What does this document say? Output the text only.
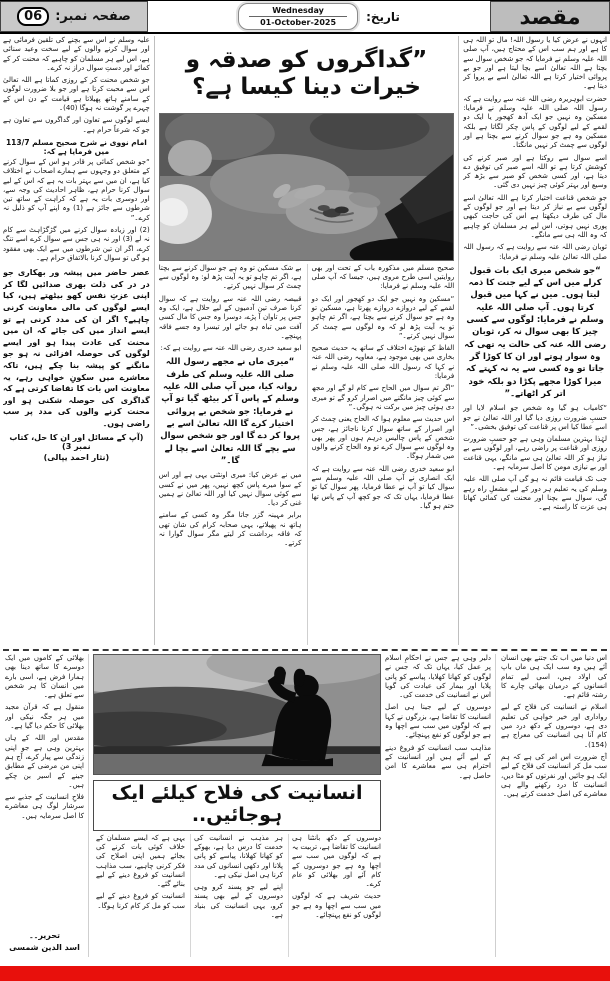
مقصد
تاریخ:
Wednesday
01-October-2025
صفحہ نمبر:
06

انہوں نے عرض کیا یا رسول اللہ! مال تو اللہ ہی کا ہے اور ہم سب اس کے محتاج ہیں، آپ صلی اللہ علیہ وسلم نے فرمایا کہ جو شخص سوال سے بچتا ہے اللہ تعالیٰ اسے بچا لیتا ہے اور جو بے پروائی اختیار کرتا ہے اللہ تعالیٰ اسے بے پروا کر دیتا ہے۔

حضرت ابوہریرہ رضی اللہ عنہ سے روایت ہے کہ رسول اللہ صلی اللہ علیہ وسلم نے فرمایا: مسکین وہ نہیں جو ایک آدھ کھجور یا ایک دو لقمے کے لیے لوگوں کے پاس چکر لگاتا ہے بلکہ مسکین وہ ہے جو سوال کرنے سے بچتا ہے اور لوگوں سے چمٹ کر نہیں مانگتا۔

اسے سوال سے روکتا ہے اور صبر کرنے کی کوشش کرتا ہے تو اللہ اسے صبر کی توفیق دے دیتا ہے، اور کسی شخص کو صبر سے بڑھ کر وسیع اور بہتر کوئی چیز نہیں دی گئی۔

جو شخص قناعت اختیار کرتا ہے اللہ تعالیٰ اسے لوگوں سے بے نیاز کر دیتا ہے اور جو لوگوں کے مال کی طرف دیکھتا ہے اس کی حاجت کبھی پوری نہیں ہوتی، اس لیے ہر مسلمان کو چاہیے کہ وہ اللہ ہی سے مانگے۔

ثوبان رضی اللہ عنہ سے روایت ہے کہ رسول اللہ صلی اللہ تعالیٰ علیہ وسلم نے فرمایا:

“جو شخص میری ایک بات قبول کرلے میں اس کے لیے جنت کا ذمہ لیتا ہوں۔ میں نے کہا میں قبول کرتا ہوں۔ آپ صلی اللہ علیہ وسلم نے فرمایا: لوگوں سے کسی چیز کا بھی سوال نہ کر، ثوبان رضی اللہ عنہ کی حالت یہ تھی کہ وہ سوار ہوتے اور ان کا کوڑا گر جاتا تو وہ کسی سے یہ نہ کہتے کہ میرا کوڑا مجھے پکڑا دو بلکہ خود اتر کر اٹھاتے۔”

“کامیاب ہو گیا وہ شخص جو اسلام لایا اور حسبِ ضرورت روزی دیا گیا اور اللہ تعالیٰ نے جو اسے عطا کیا اس پر قناعت کی توفیق بخشی۔”

لہٰذا بہترین مسلمان وہی ہے جو حسبِ ضرورت روزی اور قناعت پر راضی رہے، اور لوگوں سے بے نیاز ہو کر اللہ تعالیٰ ہی سے مانگے، یہی قناعت اور بے نیازی مومن کا اصل سرمایہ ہے۔

جب تک قیامت قائم نہ ہو گی آپ صلی اللہ علیہ وسلم کی یہ تعلیم ہر دور کے لیے مشعلِ راہ رہے گی، سوال سے بچنا اور محنت کی کمائی کھانا ہی عزت کا راستہ ہے۔

”گداگروں کو صدقہ و خیرات دینا کیسا ہے؟

صحیح مسلم میں مذکورہ باب کے تحت اور بھی روایتیں اسی طرح مروی ہیں، جیسا کہ آپ صلی اللہ علیہ وسلم نے فرمایا:

“مسکین وہ نہیں جو ایک دو کھجور اور ایک دو لقمے کے لیے دروازے دروازے پھرتا ہے، مسکین تو وہ ہے جو سوال کرنے سے بچتا ہے، اگر تم چاہو تو یہ آیت پڑھ لو کہ وہ لوگوں سے چمٹ کر سوال نہیں کرتے۔”

الفاظ کے تھوڑے اختلاف کے ساتھ یہ حدیث صحیح بخاری میں بھی موجود ہے، معاویہ رضی اللہ عنہ نے کہا کہ رسول اللہ صلی اللہ علیہ وسلم نے فرمایا:

“اگر تم سوال میں الحاح سے کام لو گے اور مجھ سے کوئی چیز مانگنے میں اصرار کرو گے تو میری دی ہوئی چیز میں برکت نہ ہوگی۔”

اس حدیث سے معلوم ہوا کہ الحاح یعنی چمٹ کر اور اصرار کے ساتھ سوال کرنا ناجائز ہے، جس شخص کے پاس چالیس درہم ہوں اور پھر بھی وہ لوگوں سے سوال کرے تو وہ الحاح کرنے والوں میں شمار ہوگا۔

ابو سعید خدری رضی اللہ عنہ سے روایت ہے کہ ایک انصاری نے آپ صلی اللہ علیہ وسلم سے سوال کیا تو آپ نے عطا فرمایا، پھر سوال کیا تو عطا فرمایا، یہاں تک کہ جو کچھ آپ کے پاس تھا ختم ہو گیا۔

بے شک مسکین تو وہ ہے جو سوال کرنے سے بچتا ہے، اگر تم چاہو تو یہ آیت پڑھ لو: وہ لوگوں سے چمٹ کر سوال نہیں کرتے۔

قبیصہ رضی اللہ عنہ سے روایت ہے کہ سوال کرنا صرف تین آدمیوں کے لیے حلال ہے، ایک وہ جس پر تاوان آ پڑے، دوسرا وہ جس کا مال کسی آفت میں تباہ ہو جائے اور تیسرا وہ جسے فاقہ پہنچے۔

ابو سعید خدری رضی اللہ عنہ سے روایت ہے کہ:

“میری ماں نے مجھے رسول اللہ صلی اللہ علیہ وسلم کی طرف روانہ کیا، میں آپ صلی اللہ علیہ وسلم کے پاس آ کر بیٹھ گیا تو آپ نے فرمایا: جو شخص بے پروائی اختیار کرے گا اللہ تعالیٰ اسے بے پروا کر دے گا اور جو شخص سوال سے بچے گا اللہ تعالیٰ اسے بچا لے گا۔”

میں نے عرض کیا: میری اونٹنی یہی ہے اور اس کے سوا میرے پاس کچھ نہیں، پھر میں نے کسی سے کوئی سوال نہیں کیا اور اللہ تعالیٰ نے ہمیں غنی کر دیا۔

برابر مہینہ گزر جاتا مگر وہ کسی کے سامنے ہاتھ نہ پھیلاتے، یہی صحابہ کرام کی شان تھی کہ فاقہ برداشت کر لیتے مگر سوال گوارا نہ کرتے۔

علیہ وسلم نے اس سے بچنے کی تلقین فرمائی ہے اور سوال کرنے والوں کے لیے سخت وعید سنائی ہے، اس لیے ہر مسلمان کو چاہیے کہ محنت کر کے کمائے اور دستِ سوال دراز نہ کرے۔

جو شخص محنت کر کے روزی کماتا ہے اللہ تعالیٰ اس سے محبت کرتا ہے اور جو بلا ضرورت لوگوں کے سامنے ہاتھ پھیلاتا ہے قیامت کے دن اس کے چہرے پر گوشت نہ ہوگا (40)۔

ایسے لوگوں سے تعاون اور گداگروں سے تعاون ہے جو کہ شرعاً حرام ہے۔

امام نووی نے شرح صحیح مسلم 113/7 میں فرمایا ہے کہ:

“جو شخص کمائی پر قادر ہو اس کے سوال کرنے کے متعلق دو وجہوں سے ہمارے اصحاب نے اختلاف کیا ہے، ان میں سے بہتر بات یہ ہے کہ اس کے لیے سوال کرنا حرام ہے، ظاہر احادیث کی وجہ سے، اور دوسری بات یہ ہے کہ کراہت کے ساتھ تین شرطوں سے جائز ہے (1) وہ اپنے آپ کو ذلیل نہ کرے۔”

(2) اور زیادہ سوال کرنے میں گڑگڑاہٹ سے کام نہ لے (3) اور نہ ہی جس سے سوال کرے اسے تنگ کرے، اگر ان تین شرطوں میں سے ایک بھی مفقود ہو گی تو سوال کرنا بالاتفاق حرام ہے۔

عصر حاضر میں پیشہ ور بھکاری جو در در کی ذلت بھری صدائیں لگا کر اپنی عزتِ نفس کھو بیٹھتے ہیں، کیا ایسے لوگوں کی مالی معاونت کرنی چاہیے؟ اگر ان کی مدد کرنی ہے تو ایسے انداز میں کی جائے کہ ان میں محنت کی عادت پیدا ہو اور ایسے لوگوں کی حوصلہ افزائی نہ ہو جو مانگنے کو پیشہ بنا چکے ہیں، تاکہ معاشرے میں سکونِ خواہی رہے، یہ معاونت اس بات کا تقاضا کرتی ہے کہ گداگری کی حوصلہ شکنی ہو اور محنت کرنے والوں کی مدد پر سب راضی ہوں۔
(آپ کے مسائل اور ان کا حل، کتاب نمبر 3)
(نثار احمد یپالی)

اس دنیا میں اب تک جتنے بھی انسان آئے ہیں وہ سب ایک ہی ماں باپ کی اولاد ہیں، اسی لیے تمام انسانوں کے درمیان بھائی چارے کا رشتہ قائم ہے۔

اسلام نے انسانیت کی فلاح کے لیے رواداری اور خیر خواہی کی تعلیم دی ہے، دوسروں کے دکھ درد میں کام آنا ہی انسانیت کی معراج ہے (154)۔

آج ضرورت اس امر کی ہے کہ ہم سب مل کر انسانیت کی فلاح کے لیے ایک ہو جائیں اور نفرتوں کو مٹا دیں، انسانیت کا درد رکھنے والے ہی معاشرے کی اصل خدمت کرتے ہیں۔

دلیر وہی ہے جس نے احکامِ اسلام پر عمل کیا، یہاں تک کہ جس نے لوگوں کو کھانا کھلایا، پیاسے کو پانی پلایا اور بیمار کی عیادت کی گویا اس نے انسانیت کی خدمت کی۔

دوسروں کے لیے جینا ہی اصل انسانیت کا تقاضا ہے، بزرگوں نے کہا ہے کہ لوگوں میں سب سے اچھا وہ ہے جو لوگوں کو نفع پہنچائے۔

مذاہب سب انسانیت کو فروغ دینے کے لیے آئے ہیں اور انسانیت کے احترام ہی سے معاشرے کا امن حاصل ہے۔

انسانیت کی فلاح کیلئے ایک ہوجائیں..

دوسروں کے دکھ بانٹنا ہی انسانیت کا تقاضا ہے، تربیت یہ ہے کہ لوگوں میں سب سے اچھا وہ ہے جو دوسروں کے کام آئے اور بھلائی کو عام کرے۔

حدیث شریف ہے کہ لوگوں میں سب سے اچھا وہ ہے جو لوگوں کو نفع پہنچائے۔

ہر مذہب نے انسانیت کی خدمت کا درس دیا ہے، بھوکے کو کھانا کھلانا، پیاسے کو پانی پلانا اور دکھی انسانوں کی مدد کرنا ہی اصل نیکی ہے۔

اپنے لیے جو پسند کرو وہی دوسروں کے لیے بھی پسند کرو، یہی انسانیت کی بنیاد ہے۔

یہی ہے کہ ایسے مسلمان کے خلاف کوئی بات کرنے کی بجائے ہمیں اپنی اصلاح کی فکر کرنی چاہیے، سب مذاہب انسانیت کو فروغ دینے کے لیے بنائے گئے۔

انسانیت کو فروغ دینے کے لیے سب کو مل کر کام کرنا ہوگا۔

بھلائی کے کاموں میں ایک دوسرے کا ساتھ دینا بھی ہمارا فرض ہے، اسی بارے میں انسان کا ہر شخص سے تعلق ہے۔

منقول ہے کہ قرآن مجید میں ہر جگہ نیکی اور بھلائی کا حکم دیا گیا ہے۔

مقدس اور اللہ کے ہاں بہترین وہی ہے جو اپنی زندگی سے پیار کرے، آج ہم اپنی من مرضی کے مطابق جینے کے اسیر بن چکے ہیں۔

فلاحِ انسانیت کے جذبے سے سرشار لوگ ہی معاشرے کا اصل سرمایہ ہیں۔

تحریر۔۔
اسد الدین شمسی
